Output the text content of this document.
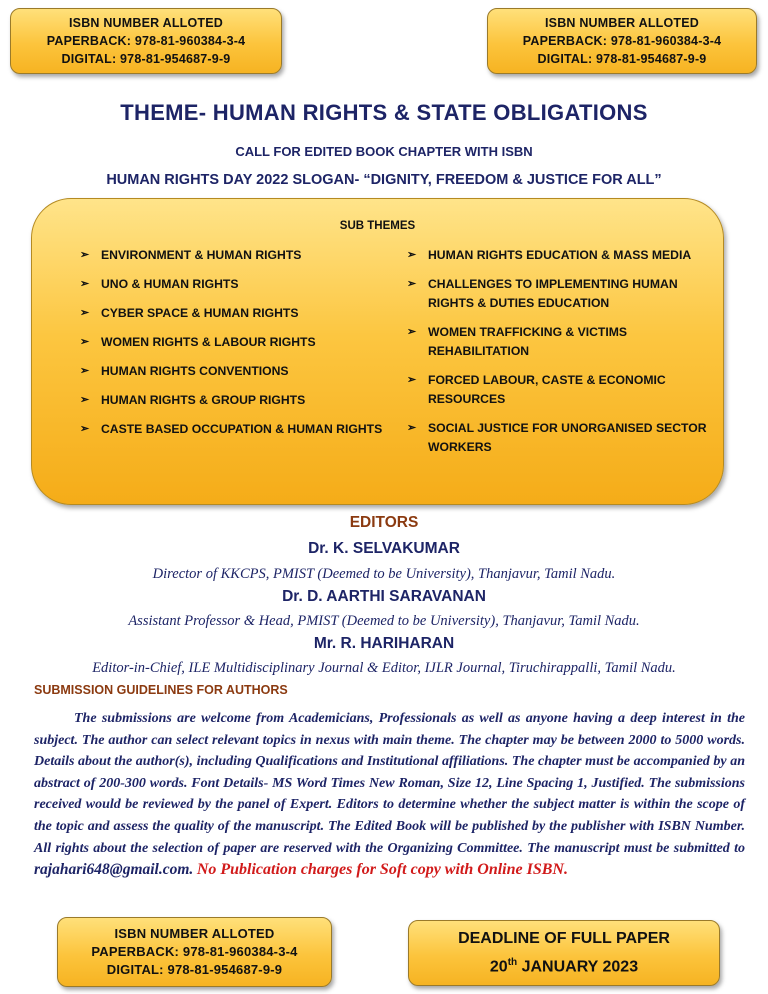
ISBN NUMBER ALLOTED
PAPERBACK: 978-81-960384-3-4
DIGITAL: 978-81-954687-9-9
ISBN NUMBER ALLOTED
PAPERBACK: 978-81-960384-3-4
DIGITAL: 978-81-954687-9-9
THEME- HUMAN RIGHTS & STATE OBLIGATIONS
CALL FOR EDITED BOOK CHAPTER WITH ISBN
HUMAN RIGHTS DAY 2022 SLOGAN- “DIGNITY, FREEDOM & JUSTICE FOR ALL”
SUB THEMES
➢ ENVIRONMENT & HUMAN RIGHTS
➢ UNO & HUMAN RIGHTS
➢ CYBER SPACE & HUMAN RIGHTS
➢ WOMEN RIGHTS & LABOUR RIGHTS
➢ HUMAN RIGHTS CONVENTIONS
➢ HUMAN RIGHTS & GROUP RIGHTS
➢ CASTE BASED OCCUPATION & HUMAN RIGHTS
➢ HUMAN RIGHTS EDUCATION & MASS MEDIA
➢ CHALLENGES TO IMPLEMENTING HUMAN RIGHTS & DUTIES EDUCATION
➢ WOMEN TRAFFICKING & VICTIMS REHABILITATION
➢ FORCED LABOUR, CASTE & ECONOMIC RESOURCES
➢ SOCIAL JUSTICE FOR UNORGANISED SECTOR WORKERS
EDITORS
Dr. K. SELVAKUMAR
Director of KKCPS, PMIST (Deemed to be University), Thanjavur, Tamil Nadu.
Dr. D. AARTHI SARAVANAN
Assistant Professor & Head, PMIST (Deemed to be University), Thanjavur, Tamil Nadu.
Mr. R. HARIHARAN
Editor-in-Chief, ILE Multidisciplinary Journal & Editor, IJLR Journal, Tiruchirappalli, Tamil Nadu.
SUBMISSION GUIDELINES FOR AUTHORS

The submissions are welcome from Academicians, Professionals as well as anyone having a deep interest in the subject. The author can select relevant topics in nexus with main theme. The chapter may be between 2000 to 5000 words. Details about the author(s), including Qualifications and Institutional affiliations. The chapter must be accompanied by an abstract of 200-300 words. Font Details- MS Word Times New Roman, Size 12, Line Spacing 1, Justified. The submissions received would be reviewed by the panel of Expert. Editors to determine whether the subject matter is within the scope of the topic and assess the quality of the manuscript. The Edited Book will be published by the publisher with ISBN Number. All rights about the selection of paper are reserved with the Organizing Committee. The manuscript must be submitted to rajahari648@gmail.com. No Publication charges for Soft copy with Online ISBN.

ISBN NUMBER ALLOTED
PAPERBACK: 978-81-960384-3-4
DIGITAL: 978-81-954687-9-9
DEADLINE OF FULL PAPER
20th JANUARY 2023
